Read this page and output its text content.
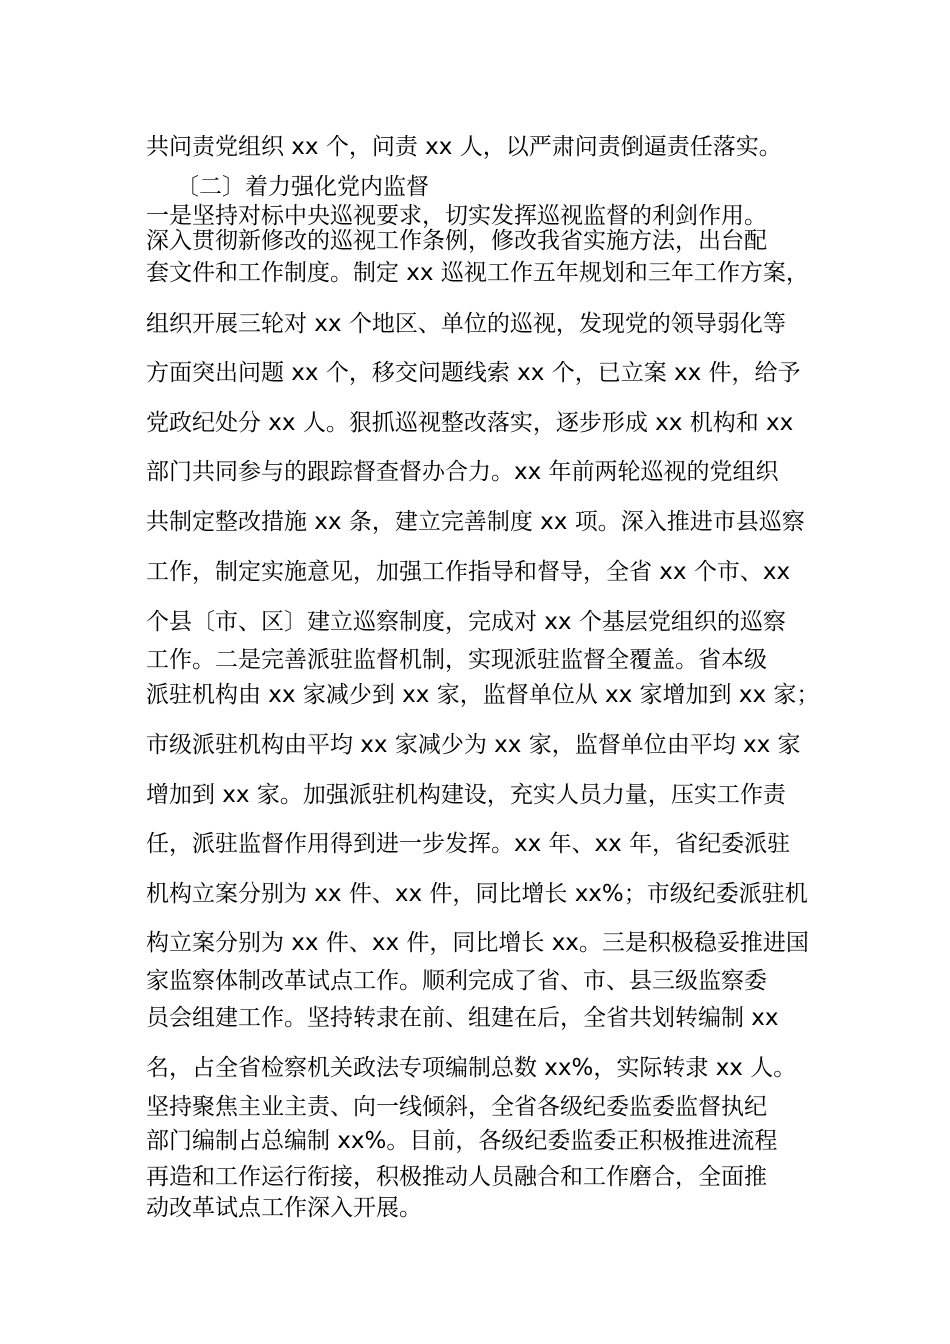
共问责党组织 xx 个，问责 xx 人，以严肃问责倒逼责任落实。
〔二〕着力强化党内监督
一是坚持对标中央巡视要求，切实发挥巡视监督的利剑作用。
深入贯彻新修改的巡视工作条例，修改我省实施方法，出台配
套文件和工作制度。制定 xx 巡视工作五年规划和三年工作方案，
组织开展三轮对 xx 个地区、单位的巡视，发现党的领导弱化等
方面突出问题 xx 个，移交问题线索 xx 个，已立案 xx 件，给予
党政纪处分 xx 人。狠抓巡视整改落实，逐步形成 xx 机构和 xx
部门共同参与的跟踪督查督办合力。xx 年前两轮巡视的党组织
共制定整改措施 xx 条，建立完善制度 xx 项。深入推进市县巡察
工作，制定实施意见，加强工作指导和督导，全省 xx 个市、xx
个县〔市、区〕建立巡察制度，完成对 xx 个基层党组织的巡察
工作。二是完善派驻监督机制，实现派驻监督全覆盖。省本级
派驻机构由 xx 家减少到 xx 家，监督单位从 xx 家增加到 xx 家；
市级派驻机构由平均 xx 家减少为 xx 家，监督单位由平均 xx 家
增加到 xx 家。加强派驻机构建设，充实人员力量，压实工作责
任，派驻监督作用得到进一步发挥。xx 年、xx 年，省纪委派驻
机构立案分别为 xx 件、xx 件，同比增长 xx%；市级纪委派驻机
构立案分别为 xx 件、xx 件，同比增长 xx。三是积极稳妥推进国
家监察体制改革试点工作。顺利完成了省、市、县三级监察委
员会组建工作。坚持转隶在前、组建在后，全省共划转编制 xx
名，占全省检察机关政法专项编制总数 xx%，实际转隶 xx 人。
坚持聚焦主业主责、向一线倾斜，全省各级纪委监委监督执纪
部门编制占总编制 xx%。目前，各级纪委监委正积极推进流程
再造和工作运行衔接，积极推动人员融合和工作磨合，全面推
动改革试点工作深入开展。
